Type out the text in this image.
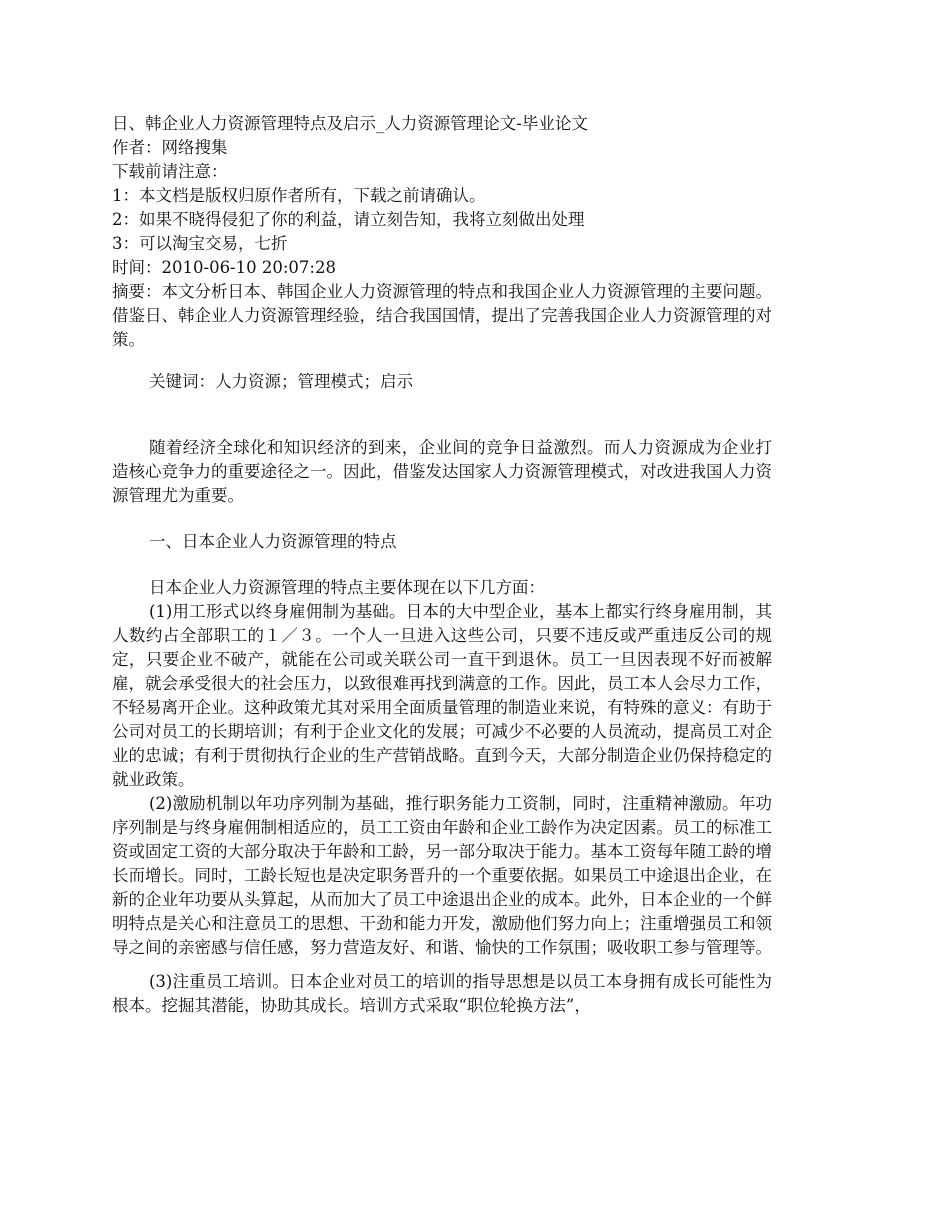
日、韩企业人力资源管理特点及启示_人力资源管理论文-毕业论文
作者：网络搜集
下载前请注意：
1：本文档是版权归原作者所有，下载之前请确认。
2：如果不晓得侵犯了你的利益，请立刻告知，我将立刻做出处理
3：可以淘宝交易，七折
时间：2010-06-10 20:07:28
摘要：本文分析日本、韩国企业人力资源管理的特点和我国企业人力资源管理的主要问题。借鉴日、韩企业人力资源管理经验，结合我国国情，提出了完善我国企业人力资源管理的对策。
关键词：人力资源；管理模式；启示
随着经济全球化和知识经济的到来，企业间的竞争日益激烈。而人力资源成为企业打造核心竞争力的重要途径之一。因此，借鉴发达国家人力资源管理模式，对改进我国人力资源管理尤为重要。
一、日本企业人力资源管理的特点
日本企业人力资源管理的特点主要体现在以下几方面：
(1)用工形式以终身雇佣制为基础。日本的大中型企业，基本上都实行终身雇用制，其人数约占全部职工的１／３。一个人一旦进入这些公司，只要不违反或严重违反公司的规定，只要企业不破产，就能在公司或关联公司一直干到退休。员工一旦因表现不好而被解雇，就会承受很大的社会压力，以致很难再找到满意的工作。因此，员工本人会尽力工作，不轻易离开企业。这种政策尤其对采用全面质量管理的制造业来说，有特殊的意义：有助于公司对员工的长期培训；有利于企业文化的发展；可减少不必要的人员流动，提高员工对企业的忠诚；有利于贯彻执行企业的生产营销战略。直到今天，大部分制造企业仍保持稳定的就业政策。
(2)激励机制以年功序列制为基础，推行职务能力工资制，同时，注重精神激励。年功序列制是与终身雇佣制相适应的，员工工资由年龄和企业工龄作为决定因素。员工的标准工资或固定工资的大部分取决于年龄和工龄，另一部分取决于能力。基本工资每年随工龄的增长而增长。同时，工龄长短也是决定职务晋升的一个重要依据。如果员工中途退出企业，在新的企业年功要从头算起，从而加大了员工中途退出企业的成本。此外，日本企业的一个鲜明特点是关心和注意员工的思想、干劲和能力开发，激励他们努力向上；注重增强员工和领导之间的亲密感与信任感，努力营造友好、和谐、愉快的工作氛围；吸收职工参与管理等。
(3)注重员工培训。日本企业对员工的培训的指导思想是以员工本身拥有成长可能性为根本。挖掘其潜能，协助其成长。培训方式采取“职位轮换方法”，
